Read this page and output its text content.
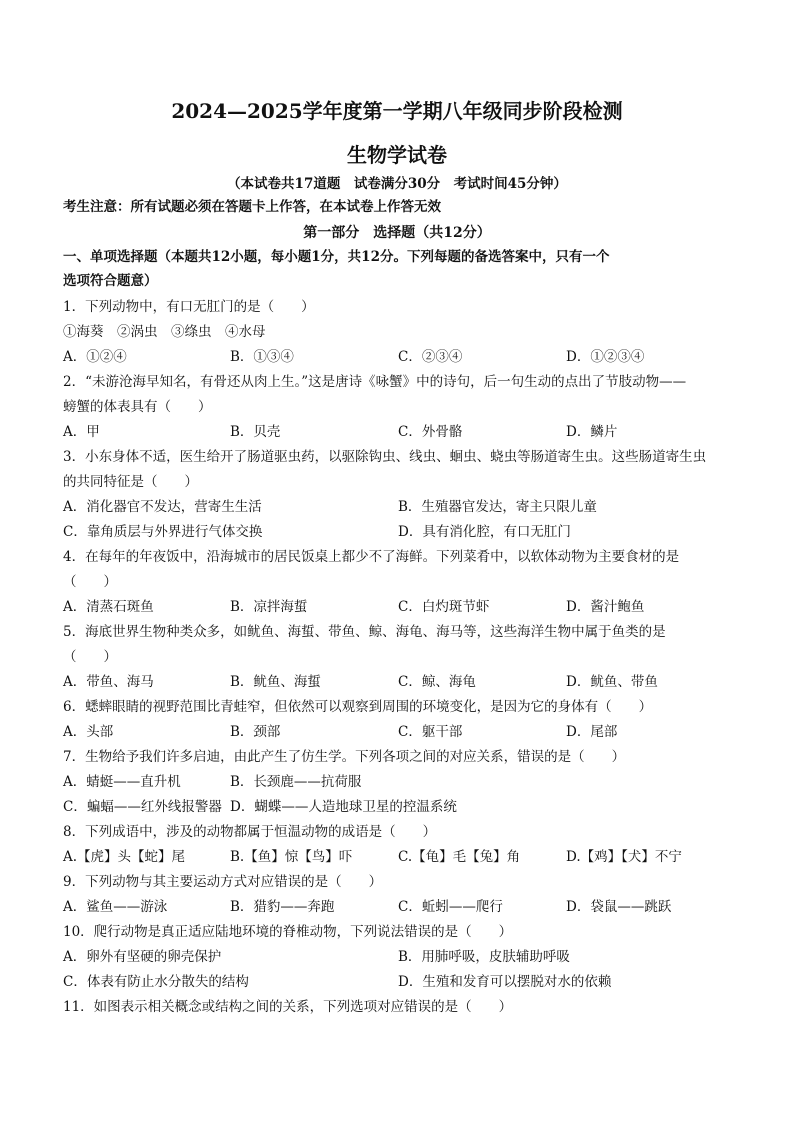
2024—2025学年度第一学期八年级同步阶段检测
生物学试卷
（本试卷共17道题　试卷满分30分　考试时间45分钟）
考生注意：所有试题必须在答题卡上作答，在本试卷上作答无效
第一部分　选择题（共12分）
一、单项选择题（本题共12小题，每小题1分，共12分。下列每题的备选答案中，只有一个
选项符合题意）
1．下列动物中，有口无肛门的是（　　）
①海葵　②涡虫　③绦虫　④水母
A．①②④	B．①③④	C．②③④	D．①②③④
2．“未游沧海早知名，有骨还从肉上生。”这是唐诗《咏蟹》中的诗句，后一句生动的点出了节肢动物——
螃蟹的体表具有（　　）
A．甲	B．贝壳	C．外骨骼	D．鳞片
3．小东身体不适，医生给开了肠道驱虫药，以驱除钩虫、线虫、蛔虫、蛲虫等肠道寄生虫。这些肠道寄生虫
的共同特征是（　　）
A．消化器官不发达，营寄生生活	B．生殖器官发达，寄主只限儿童
C．靠角质层与外界进行气体交换	D．具有消化腔，有口无肛门
4．在每年的年夜饭中，沿海城市的居民饭桌上都少不了海鲜。下列菜肴中，以软体动物为主要食材的是
（　　）
A．清蒸石斑鱼	B．凉拌海蜇	C．白灼斑节虾	D．酱汁鲍鱼
5．海底世界生物种类众多，如鱿鱼、海蜇、带鱼、鲸、海龟、海马等，这些海洋生物中属于鱼类的是
（　　）
A．带鱼、海马	B．鱿鱼、海蜇	C．鲸、海龟	D．鱿鱼、带鱼
6．蟋蟀眼睛的视野范围比青蛙窄，但依然可以观察到周围的环境变化，是因为它的身体有（　　）
A．头部	B．颈部	C．躯干部	D．尾部
7．生物给予我们许多启迪，由此产生了仿生学。下列各项之间的对应关系，错误的是（　　）
A．蜻蜓——直升机	B．长颈鹿——抗荷服
C．蝙蝠——红外线报警器 D．蝴蝶——人造地球卫星的控温系统
8．下列成语中，涉及的动物都属于恒温动物的成语是（　　）
A.【虎】头【蛇】尾	B.【鱼】惊【鸟】吓	C.【龟】毛【兔】角	D.【鸡】【犬】不宁
9．下列动物与其主要运动方式对应错误的是（　　）
A．鲨鱼——游泳	B．猎豹——奔跑	C．蚯蚓——爬行	D．袋鼠——跳跃
10．爬行动物是真正适应陆地环境的脊椎动物，下列说法错误的是（　　）
A．卵外有坚硬的卵壳保护	B．用肺呼吸，皮肤辅助呼吸
C．体表有防止水分散失的结构	D．生殖和发育可以摆脱对水的依赖
11．如图表示相关概念或结构之间的关系，下列选项对应错误的是（　　）
